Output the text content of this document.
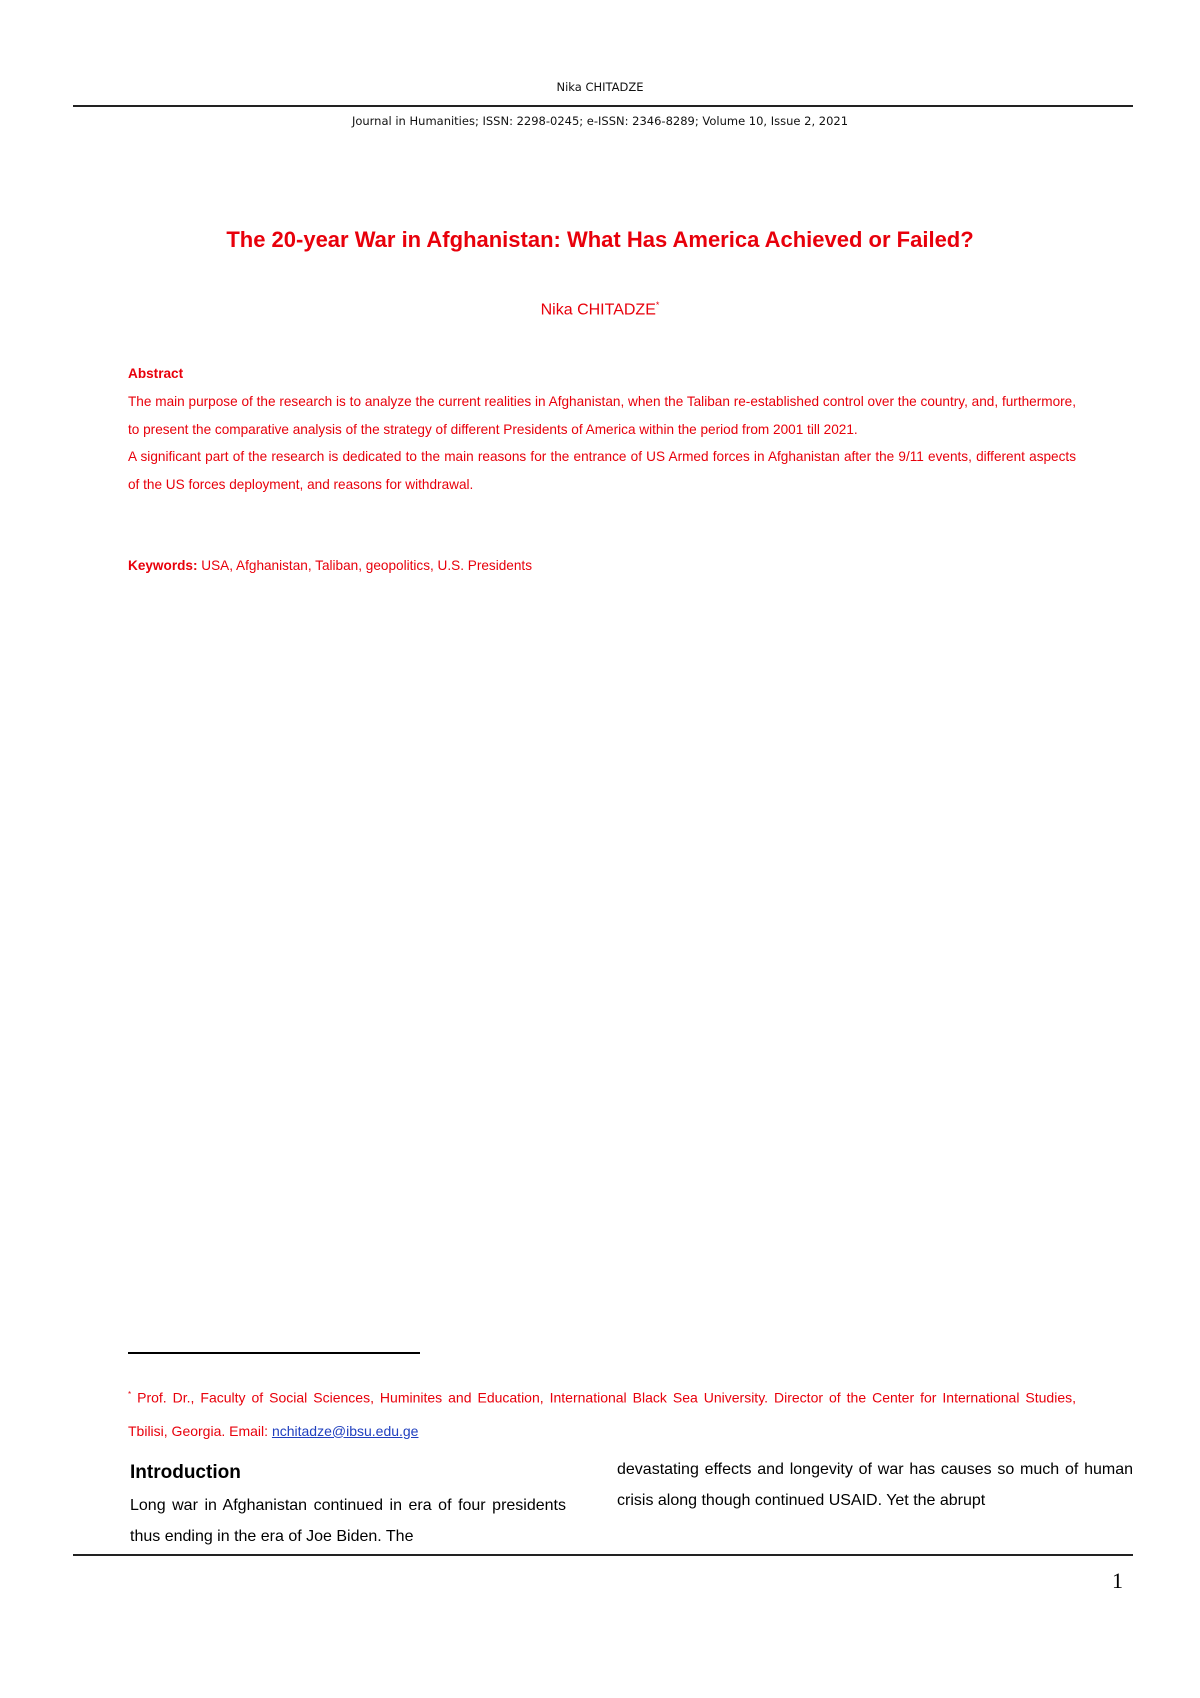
Nika CHITADZE
Journal in Humanities; ISSN: 2298-0245; e-ISSN: 2346-8289; Volume 10, Issue 2, 2021
The 20-year War in Afghanistan: What Has America Achieved or Failed?
Nika CHITADZE*
Abstract

The main purpose of the research is to analyze the current realities in Afghanistan, when the Taliban re-established control over the country, and, furthermore, to present the comparative analysis of the strategy of different Presidents of America within the period from 2001 till 2021.

A significant part of the research is dedicated to the main reasons for the entrance of US Armed forces in Afghanistan after the 9/11 events, different aspects of the US forces deployment, and reasons for withdrawal.

Keywords: USA, Afghanistan, Taliban, geopolitics, U.S. Presidents
* Prof. Dr., Faculty of Social Sciences, Huminites and Education, International Black Sea University. Director of the Center for International Studies, Tbilisi, Georgia. Email: nchitadze@ibsu.edu.ge
Introduction

Long war in Afghanistan continued in era of four presidents thus ending in the era of Joe Biden. The

devastating effects and longevity of war has causes so much of human crisis along though continued USAID. Yet the abrupt

1
